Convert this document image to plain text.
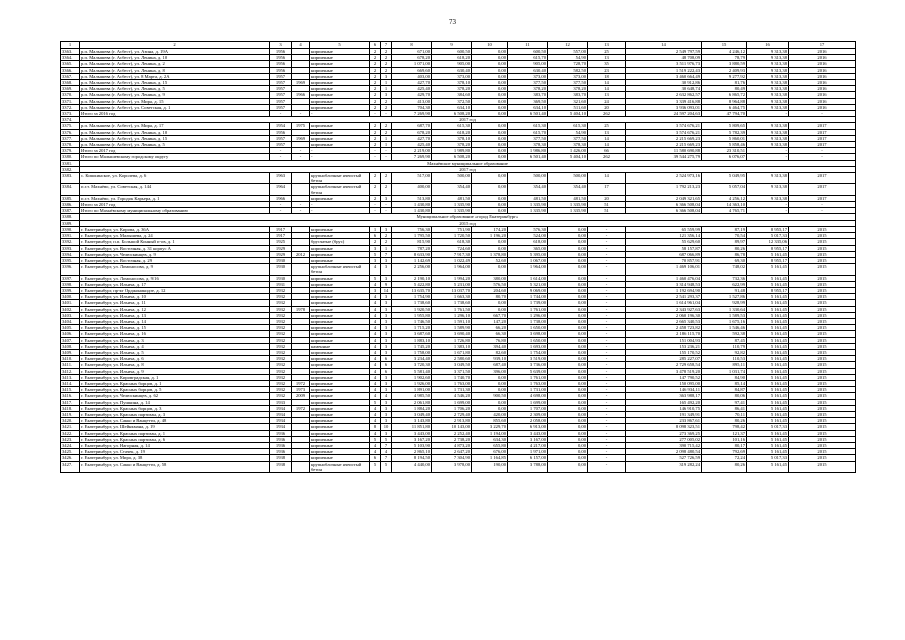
73
1	2	3	4	5	6	7	8	9	10	11	12	13	14	15	16	17
3363.	р.п. Малышева (г. Асбест), ул. Азина, д. 19А	1956		кирпичные	2	2	671,00	600,50	0,00	600,50	557,00	25	2 549 797,59	4 246,12	9 313,38	2016
3364.	р.п. Малышева (г. Асбест), ул. Ленина, д. 10	1956		кирпичные	2	2	678,20	618,20	0,00	615,70	54,90	13	48 708,09	78,79	9 313,38	2016
3365.	р.п. Малышева (г. Асбест), ул. Ленина, д. 2	1956		кирпичные	2	2	1 071,00	905,00	0,00	905,00	728,70	35	3 511 976,73	3 880,59	9 313,38	2016
3366.	р.п. Малышева (г. Асбест), ул. Ленина, д. 8	1956		кирпичные	2	2	669,60	630,40	0,00	630,40	582,50	23	1 519 222,43	2 409,93	9 313,38	2016
3367.	р.п. Малышева (г. Асбест), ул. 8 Марта, д. 2А	1957		кирпичные	2	3	403,00	373,00	0,00	373,00	373,00	18	3 460 664,49	9 277,92	9 313,38	2016
3368.	р.п. Малышева (г. Асбест), ул. Ленина, д. 15	1957	1969	кирпичные	2	1	427,70	378,10	0,00	377,50	377,50	14	30 912,86	81,76	9 313,38	2016
3369.	р.п. Малышева (г. Асбест), ул. Ленина, д. 5	1957		кирпичные	2	1	425,40	378,20	0,00	378,20	378,20	14	30 648,74	80,49	9 313,38	2016
3370.	р.п. Малышева (г. Асбест), ул. Ленина, д. 9	1957	1966	кирпичные	2	3	429,70	384,60	0,00	383,70	383,70	13	2 632 862,57	6 865,72	9 313,38	2016
3371.	р.п. Малышева (г. Асбест), ул. Мира, д. 15	1957		кирпичные	2	2	413,00	372,50	0,00	369,50	321,60	24	3 339 416,88	8 964,88	9 313,38	2016
3372.	р.п. Малышева (г. Асбест), ул. Советская, д. 1	1957		кирпичные	2	2	704,30	634,10	0,00	634,10	511,60	20	3 936 093,01	6 464,75	9 313,38	2016
3373.	Итого за 2016 год	-	-	-	-	-	7 269,90	6 508,20	0,00	6 501,40	5 404,10	262	24 597 204,63	47 794,70	-	-
3374.	2017 год															
3375.	р.п. Малышева (г. Асбест), ул. Мира, д. 17	1954	1975	кирпичные	2	2	687,70	615,30	0,00	615,30	615,30	25	3 574 676,21	5 809,65	9 313,38	2017
3376.	р.п. Малышева (г. Асбест), ул. Ленина, д. 10	1956		кирпичные	2	2	678,20	618,20	0,00	615,70	54,90	13	3 574 676,21	5 782,39	9 313,38	2017
3377.	р.п. Малышева (г. Асбест), ул. Ленина, д. 15	1957	1969	кирпичные	2	1	427,70	378,10	0,00	377,50	377,50	14	2 215 669,23	5 860,01	9 313,38	2017
3378.	р.п. Малышева (г. Асбест), ул. Ленина, д. 5	1957		кирпичные	2	1	425,40	378,20	0,00	378,30	378,30	14	2 215 669,23	5 858,46	9 313,38	2017
3379.	Итого за 2017 год	-	-	-	-	-	2 219,00	1 989,80	0,00	1 986,80	1 426,00	66	11 580 690,88	23 310,51	-	-
3380.	Итого по Малышевскому городскому округу	-	-	-	-	-	7 269,90	6 508,20	0,00	6 501,40	5 404,10	262	39 544 275,79	6 076,07	-	-
3381.	Махнёвское муниципальное образование															
3382.	2017 год															
3383.	с. Кишкинское, ул. Королева, д. 6	1963		крупноблочные ячеистый бетон	2	2	517,00	500,00	0,00	500,00	500,00	14	2 524 973,16	5 049,95	9 313,38	2017
3384.	п.г.т. Махнёво, ул. Советская, д. 144	1964		крупноблочные ячеистый бетон	2	2	400,00	354,40	0,00	354,40	354,40	17	1 792 213,23	5 057,04	9 313,38	2017
3385.	п.г.т. Махнёво, ул. Городок Карьера, д. 1	1966		кирпичные	2	3	513,80	481,50	0,00	481,50	481,50	20	2 049 321,65	4 256,12	9 313,38	2017
3386.	Итого за 2017 год	-	-	-	-	-	1 430,80	1 335,90	0,00	1 335,90	1 335,90	51	6 366 508,04	14 363,10	-	-
3387.	Итого по Махнёвскому муниципальному образованию	-	-	-	-	-	1 430,80	1 335,90	0,00	1 335,90	1 335,90	51	6 366 508,04	4 765,71	-	-
3388.	Муниципальное образование «город Екатеринбург»															
3389.	2015 год															
3390.	г. Екатеринбург, ул. Кирова, д. 36А	1917		кирпичные	1	3	756,30	751,90	174,20	576,30	0,00	-	65 559,99	87,19	8 955,17	2015
3391.	г. Екатеринбург, ул. Малышева, д. 24	1917		кирпичные	6	2	1 795,50	1 720,50	1 196,20	524,00	0,00	-	121 356,14	70,54	5 017,33	2015
3392.	г. Екатеринбург, п.п. Большой Конный п-ов, д. 1	1925		брусчатые (брус)	2	2	815,90	618,30	0,00	618,00	0,00	-	55 629,60	89,97	12 335,06	2015
3393.	г. Екатеринбург, ул. Восточная, д. 31 корпус А	1929		кирпичные	3	1	787,20	724,60	0,00	365,00	0,00	-	58 157,87	80,26	8 955,17	2015
3394.	г. Екатеринбург, ул. Челюскинцев, д. 9	1929	2012	кирпичные	5	7	8 633,90	7 917,30	1 378,80	5 395,00	0,00	-	687 066,89	86,78	5 161,45	2015
3395.	г. Екатеринбург, ул. Восточная, д. 29	1930		кирпичные	3	3	1 142,69	1 022,49	52,60	1 067,00	0,00	-	70 857,91	69,30	8 955,17	2015
3396.	г. Екатеринбург, ул. Ломоносова, д. 9	1930		крупноблочные ячеистый бетон	4	3	2 256,00	1 964,00	0,00	1 964,00	0,00	-	1 469 106,01	748,02	5 161,45	2015
3397.	г. Екатеринбург, ул. Ломоносова, д. 9/16	1930		кирпичные	5	3	2 190,10	1 994,20	380,00	1 614,00	0,00	-	1 460 476,04	732,36	5 161,45	2015
3398.	г. Екатеринбург, ул. Ильича, д. 17	1931		кирпичные	4	9	5 422,80	5 231,00	576,50	5 321,00	0,00	-	3 314 948,53	622,99	5 161,45	2015
3399.	г. Екатеринбург, пр-кт Орджоникидзе, д. 12	1932		кирпичные	3	14	13 635,70	13 037,70	204,60	9 069,00	0,00	-	1 192 694,90	91,48	8 955,17	2015
3400.	г. Екатеринбург, ул. Ильича, д. 10	1932		кирпичные	4	3	1 754,90	1 663,30	80,70	1 744,00	0,00	-	2 541 293,37	1 527,86	5 161,45	2015
3401.	г. Екатеринбург, ул. Ильича, д. 11	1932		кирпичные	4	3	1 738,60	1 738,60	0,00	1 739,00	0,00	-	1 614 961,04	928,99	5 161,45	2015
3402.	г. Екатеринбург, ул. Ильича, д. 12	1932	1978	кирпичные	4	3	1 920,50	1 761,50	0,00	1 761,00	0,00	-	2 343 927,63	1 330,64	5 161,45	2015
3403.	г. Екатеринбург, ул. Ильича, д. 13	1932		кирпичные	4	3	1 955,80	1 296,10	667,70	1 296,00	0,00	-	2 060 196,30	1 589,53	5 161,45	2015
3404.	г. Екатеринбург, ул. Ильича, д. 14	1932		кирпичные	4	3	1 746,50	1 591,10	147,20	1 738,00	0,00	-	2 665 340,53	1 675,16	5 161,45	2015
3405.	г. Екатеринбург, ул. Ильича, д. 15	1932		кирпичные	4	3	1 715,20	1 589,90	66,20	1 650,00	0,00	-	2 458 723,82	1 546,46	5 161,45	2015
3406.	г. Екатеринбург, ул. Ильича, д. 16	1932		кирпичные	4	3	3 687,60	3 690,40	66,30	3 698,00	0,00	-	2 186 115,70	592,38	5 161,45	2015
3407.	г. Екатеринбург, ул. Ильича, д. 3	1932		кирпичные	4	3	1 883,10	1 726,80	76,80	1 650,00	0,00	-	151 004,93	87,45	5 161,45	2015
3408.	г. Екатеринбург, ул. Ильича, д. 4	1932		каменные	4	3	1 745,20	1 383,10	394,40	1 693,00	0,00	-	153 236,21	110,79	5 161,45	2015
3409.	г. Екатеринбург, ул. Ильича, д. 5	1932		кирпичные	4	3	1 758,00	1 671,80	82,60	1 754,00	0,00	-	155 170,52	92,82	5 161,45	2015
3410.	г. Екатеринбург, ул. Ильича, д. 6	1932		кирпичные	4	6	3 234,40	2 580,60	939,10	3 519,00	0,00	-	285 227,07	110,53	5 161,45	2015
3411.	г. Екатеринбург, ул. Ильича, д. 8	1932		кирпичные	4	6	3 720,30	3 049,50	687,40	3 736,00	0,00	-	2 729 658,54	895,11	5 161,45	2015
3412.	г. Екатеринбург, ул. Ильича, д. 9	1932		кирпичные	4	6	5 581,40	3 371,50	396,00	5 639,00	0,00	-	3 478 519,20	1 031,74	5 161,45	2015
3413.	г. Екатеринбург, ул. Кировградская, д. 1	1932		кирпичные	4	3	1 902,60	1 740,70	0,00	1 761,00	0,00	-	147 790,52	84,90	5 161,45	2015
3414.	г. Екатеринбург, ул. Красных борцов, д. 1	1932	1972	кирпичные	4	3	1 926,00	1 763,00	0,00	1 763,00	0,00	-	150 095,00	85,14	5 161,45	2015
3415.	г. Екатеринбург, ул. Красных борцов, д. 5	1932	1973	кирпичные	4	3	1 891,00	1 731,30	0,00	1 731,00	0,00	-	146 934,11	84,87	5 161,45	2015
3416.	г. Екатеринбург, ул. Челюскинцев, д. 62	1932	2009	кирпичные	4	4	4 985,50	4 546,20	900,50	4 698,00	0,00	-	363 988,17	80,06	5 161,45	2015
3417.	г. Екатеринбург, ул. Пушкина, д. 14	1933		кирпичные	5	3	2 061,80	1 699,00	0,00	1 699,00	0,00	-	165 492,20	97,41	5 161,45	2015
3418.	г. Екатеринбург, ул. Красных борцов, д. 3	1934	1972	кирпичные	4	3	1 884,20	1 706,20	0,00	1 707,00	0,00	-	146 910,75	86,41	5 161,45	2015
3419.	г. Екатеринбург, ул. Красных партизан, д. 3	1934		кирпичные	4	3	3 049,40	2 729,40	420,00	2 309,00	0,00	-	191 349,91	70,11	5 161,45	2015
3420.	г. Екатеринбург, ул. Сакко и Ванцетти, д. 48	1934		кирпичные	4	3	3 143,80	2 913,80	855,60	2 058,00	0,00	-	233 867,61	80,26	5 161,45	2015
3421.	г. Екатеринбург, ул. Шейнкмана, д. 19	1934		кирпичные	8	10	11 851,80	10 143,00	3 229,70	6 913,00	0,00	-	8 098 323,51	798,42	5 017,33	2015
3422.	г. Екатеринбург, ул. Красных партизан, д. 1	1936		кирпичные	4	3	3 443,00	2 252,40	1 194,00	3 443,00	0,00	-	273 369,25	121,37	5 161,45	2015
3423.	г. Екатеринбург, ул. Красных партизан, д. 6	1936		кирпичные	5	5	3 167,20	2 738,20	634,30	3 167,00	0,00	-	277 005,02	101,16	5 161,45	2015
3424.	г. Екатеринбург, ул. Нагорная, д. 14	1936		кирпичные	4	7	5 103,90	4 873,20	655,80	4 217,00	0,00	-	390 715,42	80,17	5 161,45	2015
3425.	г. Екатеринбург, ул. Стачек, д. 19	1936		кирпичные	4	4	2 865,10	2 647,20	676,00	1 971,00	0,00	-	2 098 480,54	792,69	5 161,45	2015
3426.	г. Екатеринбург, ул. Мира, д. 38	1938		кирпичные	6	7	8 194,50	7 304,90	1 164,85	6 157,00	0,00	-	527 726,59	72,24	5 017,33	2015
3427.	г. Екатеринбург, ул. Сакко и Ванцетти, д. 58	1938		крупноблочные ячеистый бетон	5	5	4 440,00	3 978,00	190,00	3 788,00	0,00	-	319 282,24	80,26	5 161,45	2015
